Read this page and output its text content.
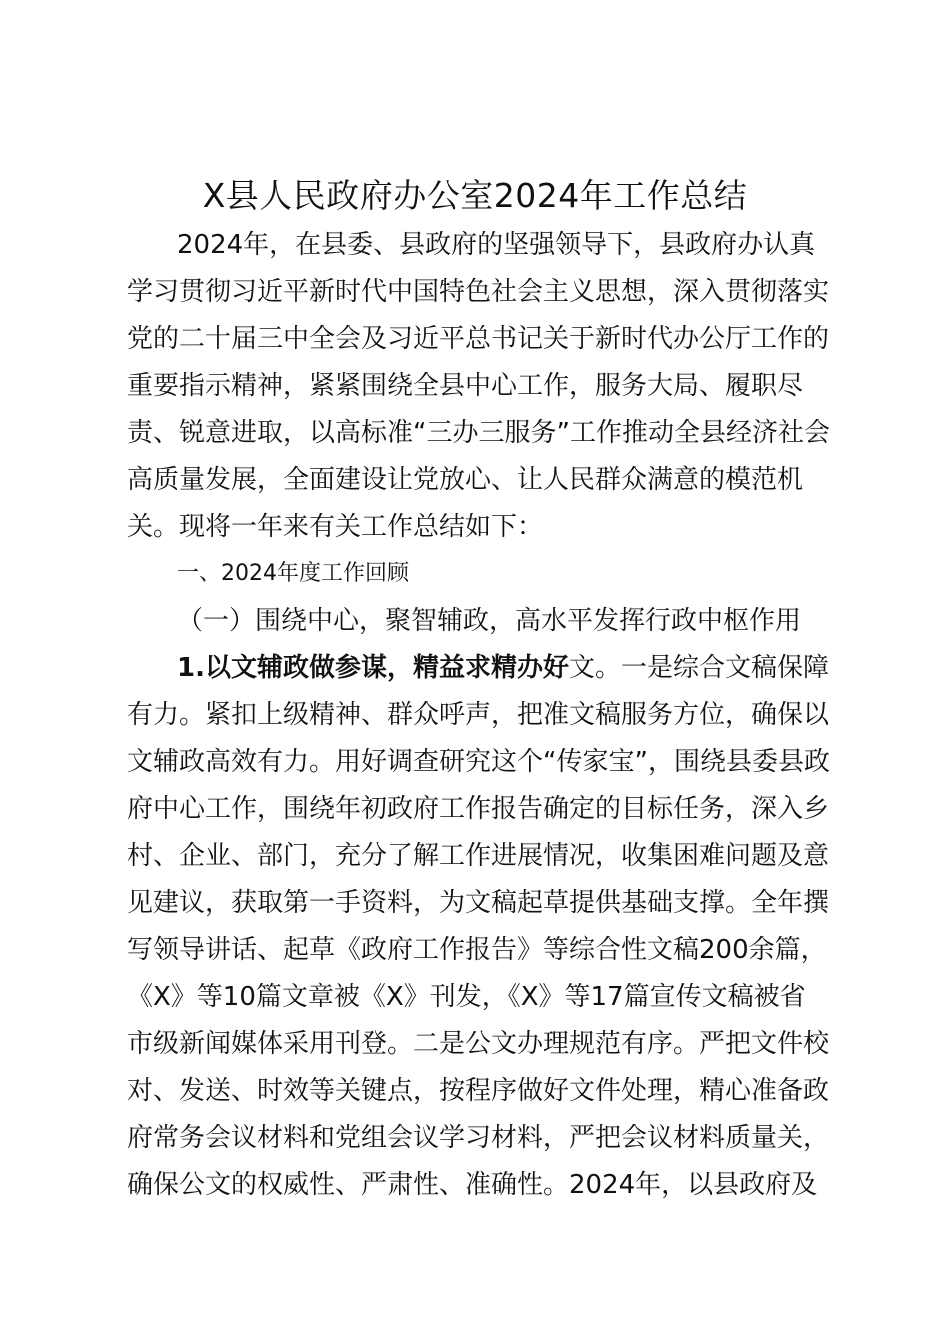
X县人民政府办公室2024年工作总结
2024年，在县委、县政府的坚强领导下，县政府办认真
学习贯彻习近平新时代中国特色社会主义思想，深入贯彻落实
党的二十届三中全会及习近平总书记关于新时代办公厅工作的
重要指示精神，紧紧围绕全县中心工作，服务大局、履职尽
责、锐意进取，以高标准“三办三服务”工作推动全县经济社会
高质量发展，全面建设让党放心、让人民群众满意的模范机
关。现将一年来有关工作总结如下：
一、2024年度工作回顾
（一）围绕中心，聚智辅政，高水平发挥行政中枢作用
1.以文辅政做参谋，精益求精办好文。一是综合文稿保障
有力。紧扣上级精神、群众呼声，把准文稿服务方位，确保以
文辅政高效有力。用好调查研究这个“传家宝”，围绕县委县政
府中心工作，围绕年初政府工作报告确定的目标任务，深入乡
村、企业、部门，充分了解工作进展情况，收集困难问题及意
见建议，获取第一手资料，为文稿起草提供基础支撑。全年撰
写领导讲话、起草《政府工作报告》等综合性文稿200余篇，
《X》等10篇文章被《X》刊发，《X》等17篇宣传文稿被省
市级新闻媒体采用刊登。二是公文办理规范有序。严把文件校
对、发送、时效等关键点，按程序做好文件处理，精心准备政
府常务会议材料和党组会议学习材料，严把会议材料质量关，
确保公文的权威性、严肃性、准确性。2024年，以县政府及
